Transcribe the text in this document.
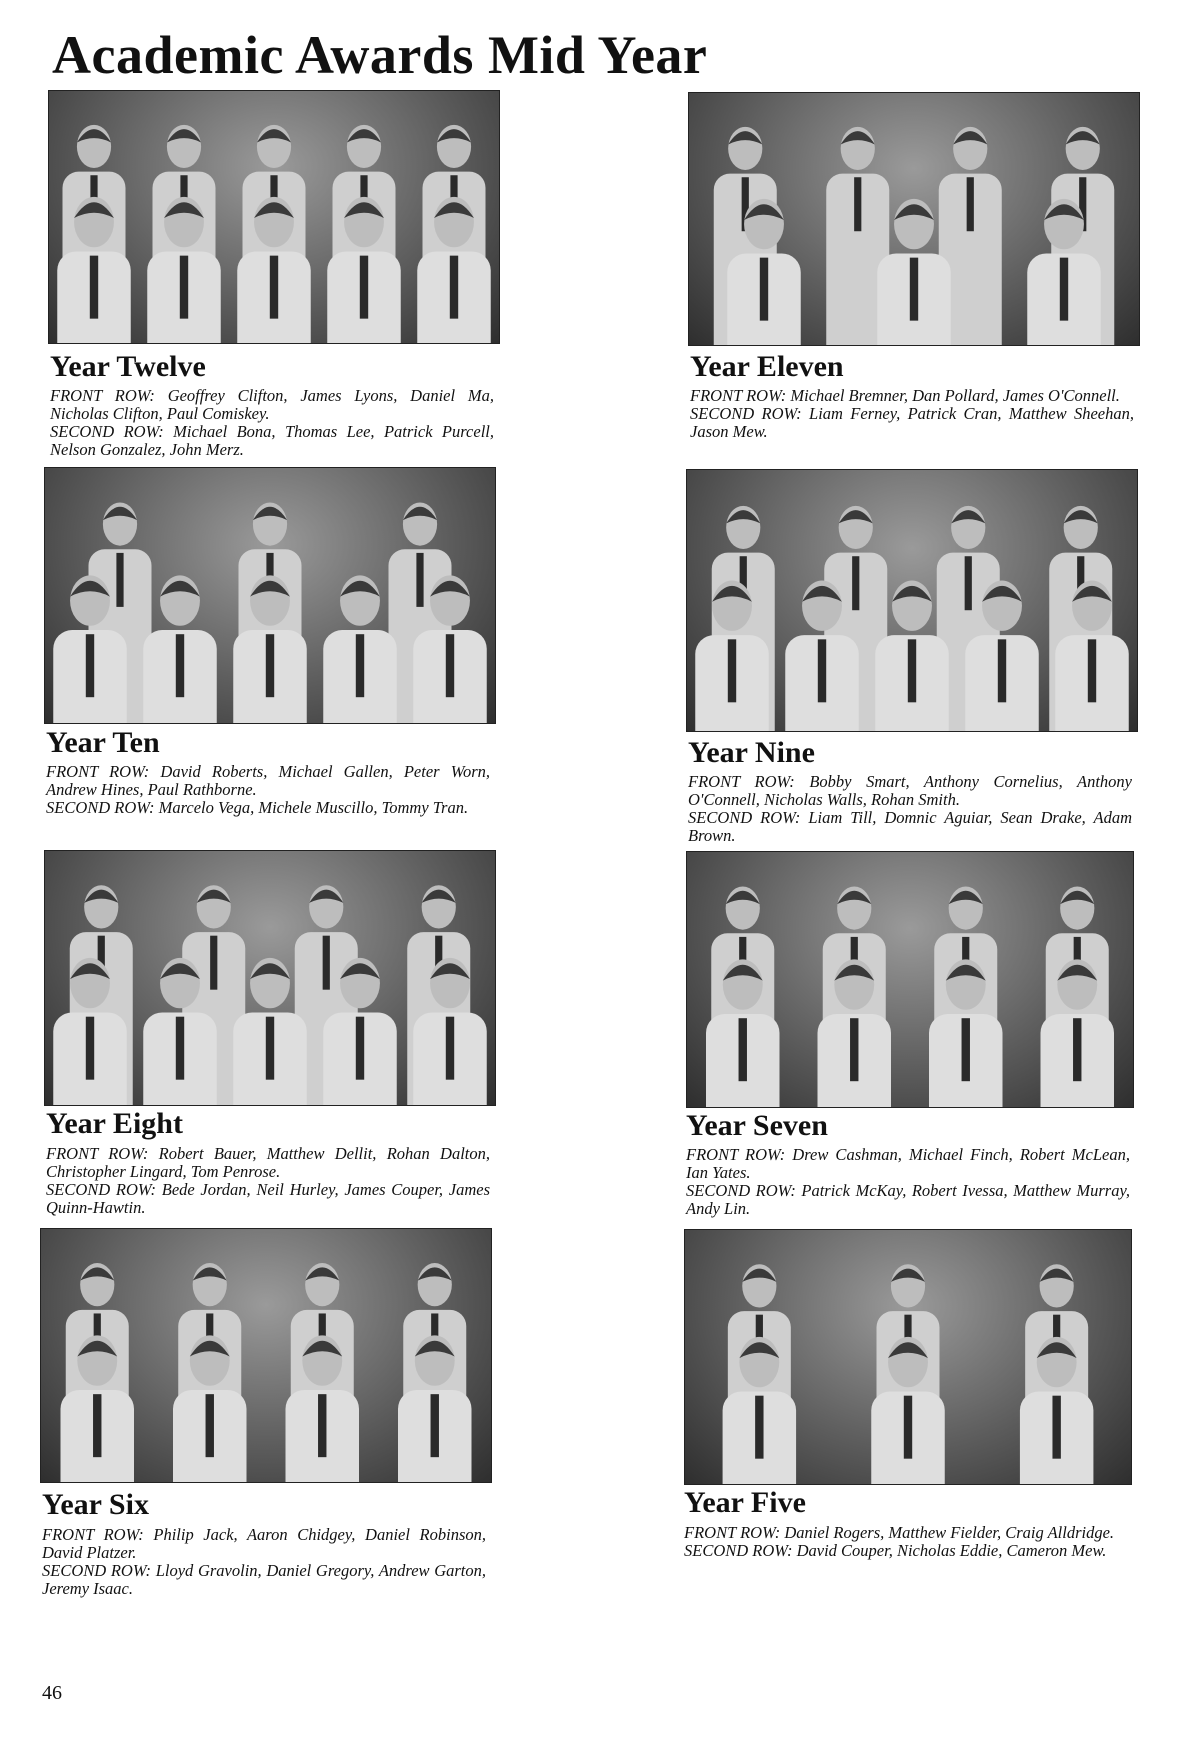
Academic Awards Mid Year
Year Twelve
FRONT ROW: Geoffrey Clifton, James Lyons, Daniel Ma, Nicholas Clifton, Paul Comiskey.
SECOND ROW: Michael Bona, Thomas Lee, Patrick Purcell, Nelson Gonzalez, John Merz.
Year Eleven
FRONT ROW: Michael Bremner, Dan Pollard, James O'Connell.
SECOND ROW: Liam Ferney, Patrick Cran, Matthew Sheehan, Jason Mew.
Year Ten
FRONT ROW: David Roberts, Michael Gallen, Peter Worn, Andrew Hines, Paul Rathborne.
SECOND ROW: Marcelo Vega, Michele Muscillo, Tommy Tran.
Year Nine
FRONT ROW: Bobby Smart, Anthony Cornelius, Anthony O'Connell, Nicholas Walls, Rohan Smith.
SECOND ROW: Liam Till, Domnic Aguiar, Sean Drake, Adam Brown.
Year Eight
FRONT ROW: Robert Bauer, Matthew Dellit, Rohan Dalton, Christopher Lingard, Tom Penrose.
SECOND ROW: Bede Jordan, Neil Hurley, James Couper, James Quinn-Hawtin.
Year Seven
FRONT ROW: Drew Cashman, Michael Finch, Robert McLean, Ian Yates.
SECOND ROW: Patrick McKay, Robert Ivessa, Matthew Murray, Andy Lin.
Year Six
FRONT ROW: Philip Jack, Aaron Chidgey, Daniel Robinson, David Platzer.
SECOND ROW: Lloyd Gravolin, Daniel Gregory, Andrew Garton, Jeremy Isaac.
Year Five
FRONT ROW: Daniel Rogers, Matthew Fielder, Craig Alldridge.
SECOND ROW: David Couper, Nicholas Eddie, Cameron Mew.
46
